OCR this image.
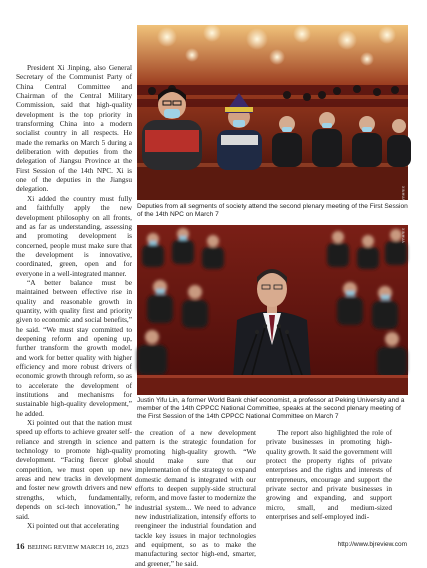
President Xi Jinping, also General Secretary of the Communist Party of China Central Committee and Chairman of the Central Military Commission, said that high-quality development is the top priority in transforming China into a modern socialist country in all respects. He made the remarks on March 5 during a deliberation with deputies from the delegation of Jiangsu Province at the First Session of the 14th NPC. Xi is one of the deputies in the Jiangsu delegation.

Xi added the country must fully and faithfully apply the new development philosophy on all fronts, and as far as understanding, assessing and promoting development is concerned, people must make sure that the development is innovative, coordinated, green, open and for everyone in a well-integrated manner.

“A better balance must be maintained between effective rise in quality and reasonable growth in quantity, with quality first and priority given to economic and social benefits,” he said. “We must stay committed to deepening reform and opening up, further transform the growth model, and work for better quality with higher efficiency and more robust drivers of economic growth through reform, so as to accelerate the development of institutions and mechanisms for sustainable high-quality development,” he added.

Xi pointed out that the nation must speed up efforts to achieve greater self-reliance and strength in science and technology to promote high-quality development. “Facing fiercer global competition, we must open up new areas and new tracks in development and foster new growth drivers and new strengths, which, fundamentally, depends on sci-tech innovation,” he said.

Xi pointed out that accelerating

XINHUA
Deputies from all segments of society attend the second plenary meeting of the First Session of the 14th NPC on March 7
XINHUA
Justin Yifu Lin, a former World Bank chief economist, a professor at Peking University and a member of the 14th CPPCC National Committee, speaks at the second plenary meeting of the First Session of the 14th CPPCC National Committee on March 7

the creation of a new development pattern is the strategic foundation for promoting high-quality growth. “We should make sure that our implementation of the strategy to expand domestic demand is integrated with our efforts to deepen supply-side structural reform, and move faster to modernize the industrial system... We need to advance new industrialization, intensify efforts to reengineer the industrial foundation and tackle key issues in major technologies and equipment, so as to make the manufacturing sector high-end, smarter, and greener,” he said.

The report also highlighted the role of private businesses in promoting high-quality growth. It said the government will protect the property rights of private enterprises and the rights and interests of entrepreneurs, encourage and support the private sector and private businesses in growing and expanding, and support micro, small, and medium-sized enterprises and self-employed indi-

16 BEIJING REVIEW MARCH 16, 2023	http://www.bjreview.com
